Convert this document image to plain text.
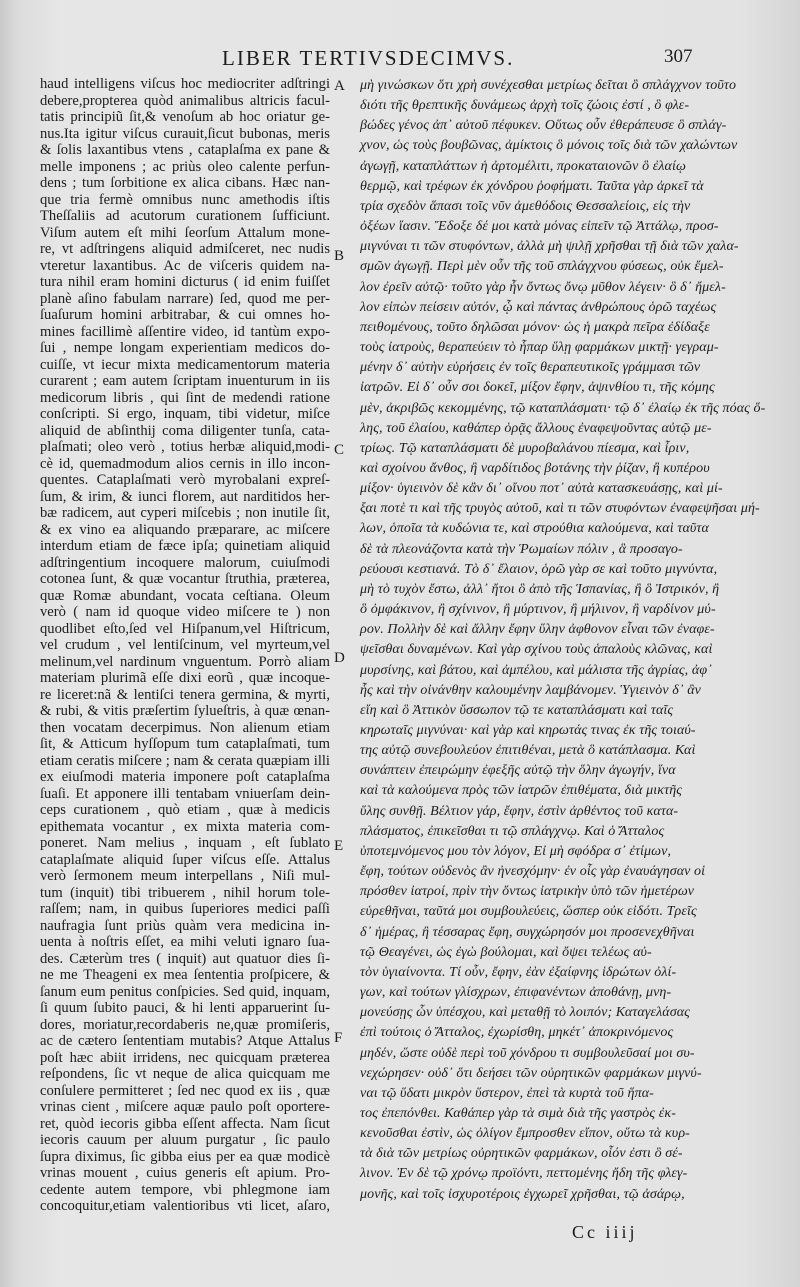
LIBER TERTIVSDECIMVS.	307
haud intelligens viſcus hoc mediocriter adſtringi
debere,propterea quòd animalibus altricis facul-
tatis principiũ ſit,& venoſum ab hoc oriatur ge-
nus.Ita igitur viſcus curauit,ſicut bubonas, meris
& ſolis laxantibus vtens , cataplaſma ex pane &
melle imponens ; ac priùs oleo calente perfun-
dens ; tum ſorbitione ex alica cibans. Hæc nan-
que tria fermè omnibus nunc amethodis iſtis
Theſſaliis ad acutorum curationem ſufficiunt.
Viſum autem eſt mihi ſeorſum Attalum mone-
re, vt adſtringens aliquid admiſceret, nec nudis
vteretur laxantibus. Ac de viſceris quidem na-
tura nihil eram homini dicturus ( id enim fuiſſet
planè aſino fabulam narrare) ſed, quod me per-
ſuaſurum homini arbitrabar, & cui omnes ho-
mines facillimè aſſentire video, id tantùm expo-
ſui , nempe longam experientiam medicos do-
cuiſſe, vt iecur mixta medicamentorum materia
curarent ; eam autem ſcriptam inuenturum in iis
medicorum libris , qui ſint de medendi ratione
conſcripti. Si ergo, inquam, tibi videtur, miſce
aliquid de abſinthij coma diligenter tunſa, cata-
plaſmati; oleo verò , totius herbæ aliquid,modi-
cè id, quemadmodum alios cernis in illo incon-
quentes. Cataplaſmati verò myrobalani expreſ-
ſum, & irim, & iunci florem, aut narditidos her-
bæ radicem, aut cyperi miſcebis ; non inutile ſit,
& ex vino ea aliquando præparare, ac miſcere
interdum etiam de fæce ipſa; quinetiam aliquid
adſtringentium incoquere malorum, cuiuſmodi
cotonea ſunt, & quæ vocantur ſtruthia, præterea,
quæ Romæ abundant, vocata ceſtiana. Oleum
verò ( nam id quoque video miſcere te ) non
quodlibet eſto,ſed vel Hiſpanum,vel Hiſtricum,
vel crudum , vel lentiſcinum, vel myrteum,vel
melinum,vel nardinum vnguentum. Porrò aliam
materiam plurimã eſſe dixi eorũ , quæ incoque-
re liceret:nã & lentiſci tenera germina, & myrti,
& rubi, & vitis præſertim ſylueſtris, à quæ œnan-
then vocatam decerpimus. Non alienum etiam
ſit, & Atticum hyſſopum tum cataplaſmati, tum
etiam ceratis miſcere ; nam & cerata quæpiam illi
ex eiuſmodi materia imponere poſt cataplaſma
ſuaſi. Et apponere illi tentabam vniuerſam dein-
ceps curationem , quò etiam , quæ à medicis
epithemata vocantur , ex mixta materia com-
poneret. Nam melius , inquam , eſt ſublato
cataplaſmate aliquid ſuper viſcus eſſe. Attalus
verò ſermonem meum interpellans , Niſi mul-
tum (inquit) tibi tribuerem , nihil horum tole-
raſſem; nam, in quibus ſuperiores medici paſſi
naufragia ſunt priùs quàm vera medicina in-
uenta à noſtris eſſet, ea mihi veluti ignaro ſua-
des. Cæterùm tres ( inquit) aut quatuor dies ſi-
ne me Theageni ex mea ſententia proſpicere, &
ſanum eum penitus conſpicies. Sed quid, inquam,
ſi quum ſubito pauci, & hi lenti apparuerint ſu-
dores, moriatur,recordaberis ne,quæ promiſeris,
ac de cætero ſententiam mutabis? Atque Attalus
poſt hæc abiit irridens, nec quicquam præterea
reſpondens, ſic vt neque de alica quicquam me
conſulere permitteret ; ſed nec quod ex iis , quæ
vrinas cient , miſcere aquæ paulo poſt oportere-
ret, quòd iecoris gibba eſſent affecta. Nam ſicut
iecoris cauum per aluum purgatur , ſic paulo
ſupra diximus, ſic gibba eius per ea quæ modicè
vrinas mouent , cuius generis eſt apium. Pro-
cedente autem tempore, vbi phlegmone iam
concoquitur,etiam valentioribus vti licet, aſaro,
μὴ γινώσκων ὅτι χρὴ συνέχεσθαι μετρίως δεῖται ὃ σπλάγχνον τοῦτο
διότι τῆς θρεπτικῆς δυνάμεως ἀρχὴ τοῖς ζώοις ἐστί , ὃ φλε-
βώδες γένος ἀπ᾽ αὐτοῦ πέφυκεν. Οὕτως οὖν ἐθεράπευσε ὃ σπλάγ-
χνον, ὡς τοὺς βουβῶνας, ἀμίκτοις ὃ μόνοις τοῖς διὰ τῶν χαλώντων
ἀγωγῇ, καταπλάττων ἡ ἀρτομέλιτι, προκαταιονῶν ὃ ἐλαίῳ
θερμῷ, καὶ τρέφων ἐκ χόνδρου ῥοφήματι. Ταῦτα γὰρ ἀρκεῖ τὰ
τρία σχεδὸν ἅπασι τοῖς νῦν ἀμεθόδοις Θεσσαλείοις, εἰς τὴν
ὀξέων ἴασιν. Ἔδοξε δέ μοι κατὰ μόνας εἰπεῖν τῷ Ἀττάλῳ, προσ-
μιγνύναι τι τῶν στυφόντων, ἀλλὰ μὴ ψιλῇ χρῆσθαι τῇ διὰ τῶν χαλα-
σμῶν ἀγωγῇ. Περὶ μὲν οὖν τῆς τοῦ σπλάγχνου φύσεως, οὐκ ἔμελ-
λον ἐρεῖν αὐτῷ· τοῦτο γὰρ ἦν ὄντως ὄνῳ μῦθον λέγειν· ὃ δ᾽ ἤμελ-
λον εἰπὼν πείσειν αὐτόν, ᾧ καὶ πάντας ἀνθρώπους ὁρῶ ταχέως
πειθομένους, τοῦτο δηλῶσαι μόνον· ὡς ἡ μακρὰ πεῖρα ἐδίδαξε
τοὺς ἰατροὺς, θεραπεύειν τὸ ἧπαρ ὕλῃ φαρμάκων μικτῇ· γεγραμ-
μένην δ᾽ αὐτὴν εὑρήσεις ἐν τοῖς θεραπευτικοῖς γράμμασι τῶν
ἰατρῶν. Εἰ δ᾽ οὖν σοι δοκεῖ, μίξον ἔφην, ἀψινθίου τι, τῆς κόμης
μὲν, ἀκριβῶς κεκομμένης, τῷ καταπλάσματι· τῷ δ᾽ ἐλαίῳ ἐκ τῆς πόας ὅ-
λης, τοῦ ἐλαίου, καθάπερ ὁρᾷς ἄλλους ἐναφεψοῦντας αὐτῷ με-
τρίως. Τῷ καταπλάσματι δὲ μυροβαλάνου πίεσμα, καὶ ἶριν,
καὶ σχοίνου ἄνθος, ἢ ναρδίτιδος βοτάνης τὴν ῥίζαν, ἢ κυπέρου
μίξον· ὑγιεινὸν δὲ κἂν δι᾽ οἴνου ποτ᾽ αὐτὰ κατασκευάσῃς, καὶ μί-
ξαι ποτὲ τι καὶ τῆς τρυγὸς αὐτοῦ, καὶ τι τῶν στυφόντων ἐναφεψῆσαι μή-
λων, ὁποῖα τὰ κυδώνια τε, καὶ στρούθια καλούμενα, καὶ ταῦτα
δὲ τὰ πλεονάζοντα κατὰ τὴν Ῥωμαίων πόλιν , ἃ προσαγο-
ρεύουσι κεστιανά. Τὸ δ᾽ ἔλαιον, ὁρῶ γὰρ σε καὶ τοῦτο μιγνύντα,
μὴ τὸ τυχὸν ἔστω, ἀλλ᾽ ἤτοι ὃ ἀπὸ τῆς Ἱσπανίας, ἢ ὃ Ἰστρικόν, ἢ
ὃ ὀμφάκινον, ἢ σχίνινον, ἢ μύρτινον, ἢ μήλινον, ἢ ναρδίνον μύ-
ρον. Πολλὴν δὲ καὶ ἄλλην ἔφην ὕλην ἀφθονον εἶναι τῶν ἐναφε-
ψεῖσθαι δυναμένων. Καὶ γὰρ σχίνου τοὺς ἁπαλοὺς κλῶνας, καὶ
μυρσίνης, καὶ βάτου, καὶ ἀμπέλου, καὶ μάλιστα τῆς ἀγρίας, ἀφ᾽
ἧς καὶ τὴν οἰνάνθην καλουμένην λαμβάνομεν. Ὑγιεινὸν δ᾽ ἂν
εἴη καὶ ὃ Ἀττικὸν ὕσσωπον τῷ τε καταπλάσματι καὶ ταῖς
κηρωταῖς μιγνύναι· καὶ γὰρ καὶ κηρωτάς τινας ἐκ τῆς τοιαύ-
της αὐτῷ συνεβουλεύον ἐπιτιθέναι, μετὰ ὃ κατάπλασμα. Καὶ
συνάπτειν ἐπειρώμην ἐφεξῆς αὐτῷ τὴν ὅλην ἀγωγήν, ἵνα
καὶ τὰ καλούμενα πρὸς τῶν ἰατρῶν ἐπιθέματα, διὰ μικτῆς
ὕλης συνθῇ. Βέλτιον γάρ, ἔφην, ἐστὶν ἀρθέντος τοῦ κατα-
πλάσματος, ἐπικεῖσθαι τι τῷ σπλάγχνῳ. Καὶ ὁ Ἄτταλος
ὑποτεμνόμενος μου τὸν λόγον, Εἰ μὴ σφόδρα σ᾽ ἐτίμων,
ἔφη, τούτων οὐδενὸς ἂν ἠνεσχόμην· ἐν οἷς γὰρ ἐναυάγησαν οἱ
πρόσθεν ἰατροί, πρὶν τὴν ὄντως ἰατρικὴν ὑπὸ τῶν ἡμετέρων
εὑρεθῆναι, ταῦτά μοι συμβουλεύεις, ὥσπερ οὐκ εἰδότι. Τρεῖς
δ᾽ ἡμέρας, ἢ τέσσαρας ἔφη, συγχώρησόν μοι προσενεχθῆναι
τῷ Θεαγένει, ὡς ἐγὼ βούλομαι, καὶ ὄψει τελέως αὐ-
τὸν ὑγιαίνοντα. Τί οὖν, ἔφην, ἐὰν ἐξαίφνης ἱδρώτων ὀλί-
γων, καὶ τούτων γλίσχρων, ἐπιφανέντων ἀποθάνῃ, μνη-
μονεύσῃς ὧν ὑπέσχου, καὶ μεταθῇ τὸ λοιπόν; Καταγελάσας
ἐπὶ τούτοις ὁ Ἄτταλος, ἐχωρίσθη, μηκέτ᾽ ἀποκρινόμενος
μηδέν, ὥστε οὐδὲ περὶ τοῦ χόνδρου τι συμβουλεῦσαί μοι συ-
νεχώρησεν· οὐδ᾽ ὅτι δεήσει τῶν οὐρητικῶν φαρμάκων μιγνύ-
ναι τῷ ὕδατι μικρὸν ὕστερον, ἐπεὶ τὰ κυρτὰ τοῦ ἥπα-
τος ἐπεπόνθει. Καθάπερ γὰρ τὰ σιμὰ διὰ τῆς γαστρὸς ἐκ-
κενοῦσθαι ἐστὶν, ὡς ὀλίγον ἔμπροσθεν εἴπον, οὕτω τὰ κυρ-
τὰ διὰ τῶν μετρίως οὐρητικῶν φαρμάκων, οἷόν ἐστι ὃ σέ-
λινον. Ἐν δὲ τῷ χρόνῳ προϊόντι, πεττομένης ἤδη τῆς φλεγ-
μονῆς, καὶ τοῖς ἰσχυροτέροις ἐγχωρεῖ χρῆσθαι, τῷ ἀσάρῳ,
A
B
C
D
E
F
Cc iiij
